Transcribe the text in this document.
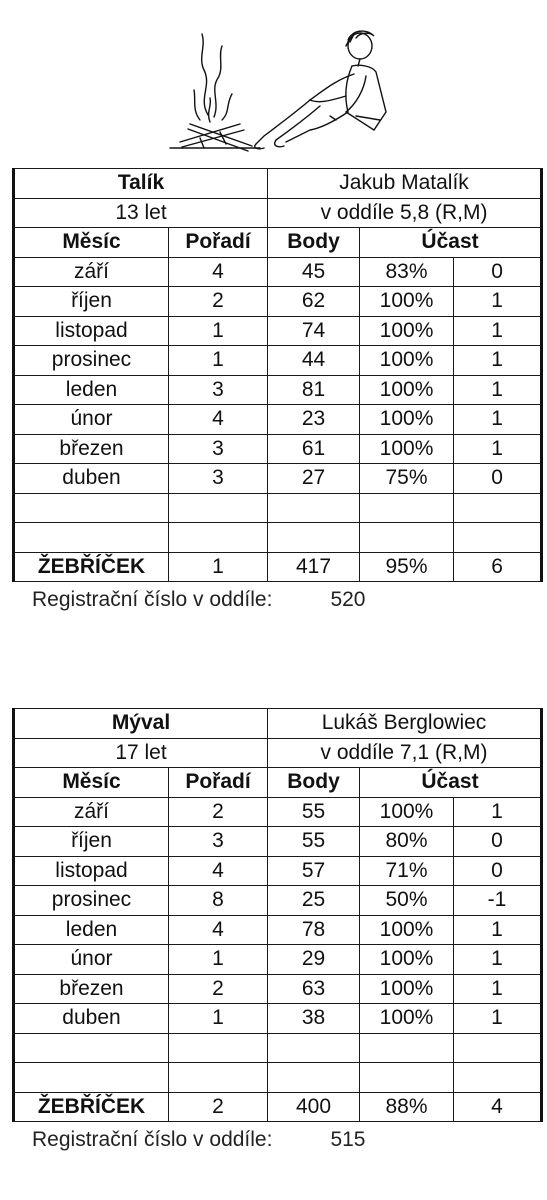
Talík		Jakub Matalík		
13 let		v oddíle 5,8 (R,M)		
Měsíc	Pořadí	Body	Účast	
září	4	45	83%	0
říjen	2	62	100%	1
listopad	1	74	100%	1
prosinec	1	44	100%	1
leden	3	81	100%	1
únor	4	23	100%	1
březen	3	61	100%	1
duben	3	27	75%	0

ŽEBŘÍČEK	1	417	95%	6
Registrační číslo v oddíle:	520
Mýval		Lukáš Berglowiec		
17 let		v oddíle 7,1 (R,M)		
Měsíc	Pořadí	Body	Účast	
září	2	55	100%	1
říjen	3	55	80%	0
listopad	4	57	71%	0
prosinec	8	25	50%	-1
leden	4	78	100%	1
únor	1	29	100%	1
březen	2	63	100%	1
duben	1	38	100%	1

ŽEBŘÍČEK	2	400	88%	4
Registrační číslo v oddíle:	515
